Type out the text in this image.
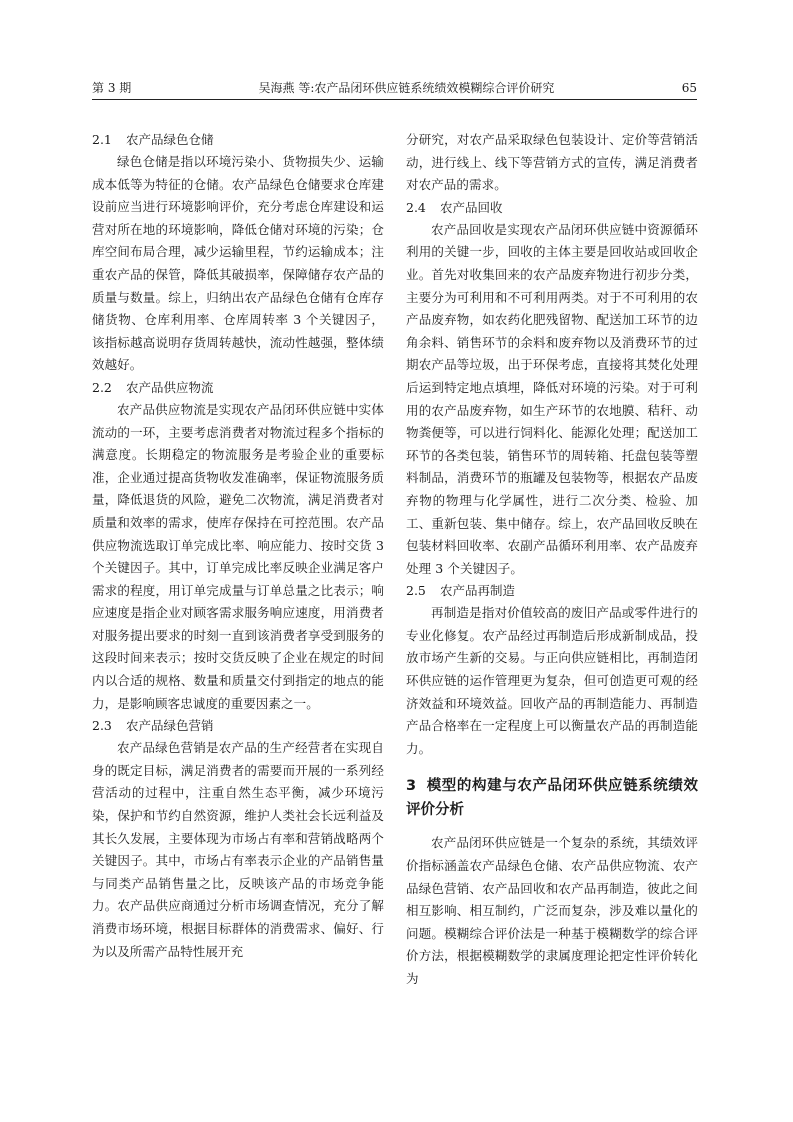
第 3 期	吴海燕 等:农产品闭环供应链系统绩效模糊综合评价研究	65
2.1 农产品绿色仓储

绿色仓储是指以环境污染小、货物损失少、运输成本低等为特征的仓储。农产品绿色仓储要求仓库建设前应当进行环境影响评价，充分考虑仓库建设和运营对所在地的环境影响，降低仓储对环境的污染；仓库空间布局合理，减少运输里程，节约运输成本；注重农产品的保管，降低其破损率，保障储存农产品的质量与数量。综上，归纳出农产品绿色仓储有仓库存储货物、仓库利用率、仓库周转率 3 个关键因子，该指标越高说明存货周转越快，流动性越强，整体绩效越好。

2.2 农产品供应物流

农产品供应物流是实现农产品闭环供应链中实体流动的一环，主要考虑消费者对物流过程多个指标的满意度。长期稳定的物流服务是考验企业的重要标准，企业通过提高货物收发准确率，保证物流服务质量，降低退货的风险，避免二次物流，满足消费者对质量和效率的需求，使库存保持在可控范围。农产品供应物流选取订单完成比率、响应能力、按时交货 3 个关键因子。其中，订单完成比率反映企业满足客户需求的程度，用订单完成量与订单总量之比表示；响应速度是指企业对顾客需求服务响应速度，用消费者对服务提出要求的时刻一直到该消费者享受到服务的这段时间来表示；按时交货反映了企业在规定的时间内以合适的规格、数量和质量交付到指定的地点的能力，是影响顾客忠诚度的重要因素之一。

2.3 农产品绿色营销

农产品绿色营销是农产品的生产经营者在实现自身的既定目标，满足消费者的需要而开展的一系列经营活动的过程中，注重自然生态平衡，减少环境污染，保护和节约自然资源，维护人类社会长远利益及其长久发展，主要体现为市场占有率和营销战略两个关键因子。其中，市场占有率表示企业的产品销售量与同类产品销售量之比，反映该产品的市场竞争能力。农产品供应商通过分析市场调查情况，充分了解消费市场环境，根据目标群体的消费需求、偏好、行为以及所需产品特性展开充

分研究，对农产品采取绿色包装设计、定价等营销活动，进行线上、线下等营销方式的宣传，满足消费者对农产品的需求。

2.4 农产品回收

农产品回收是实现农产品闭环供应链中资源循环利用的关键一步，回收的主体主要是回收站或回收企业。首先对收集回来的农产品废弃物进行初步分类，主要分为可利用和不可利用两类。对于不可利用的农产品废弃物，如农药化肥残留物、配送加工环节的边角余料、销售环节的余料和废弃物以及消费环节的过期农产品等垃圾，出于环保考虑，直接将其焚化处理后运到特定地点填埋，降低对环境的污染。对于可利用的农产品废弃物，如生产环节的农地膜、秸秆、动物粪便等，可以进行饲料化、能源化处理；配送加工环节的各类包装，销售环节的周转箱、托盘包装等塑料制品，消费环节的瓶罐及包装物等，根据农产品废弃物的物理与化学属性，进行二次分类、检验、加工、重新包装、集中储存。综上，农产品回收反映在包装材料回收率、农副产品循环利用率、农产品废弃处理 3 个关键因子。

2.5 农产品再制造

再制造是指对价值较高的废旧产品或零件进行的专业化修复。农产品经过再制造后形成新制成品，投放市场产生新的交易。与正向供应链相比，再制造闭环供应链的运作管理更为复杂，但可创造更可观的经济效益和环境效益。回收产品的再制造能力、再制造产品合格率在一定程度上可以衡量农产品的再制造能力。

3 模型的构建与农产品闭环供应链系统绩效评价分析

农产品闭环供应链是一个复杂的系统，其绩效评价指标涵盖农产品绿色仓储、农产品供应物流、农产品绿色营销、农产品回收和农产品再制造，彼此之间相互影响、相互制约，广泛而复杂，涉及难以量化的问题。模糊综合评价法是一种基于模糊数学的综合评价方法，根据模糊数学的隶属度理论把定性评价转化为
